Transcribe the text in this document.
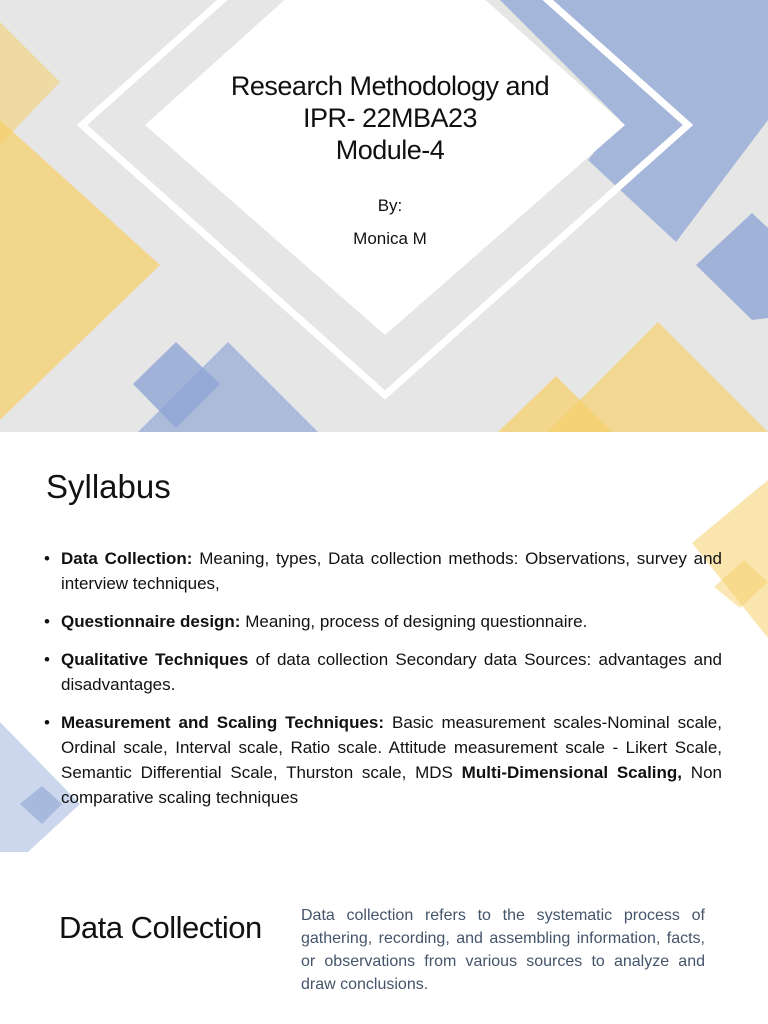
Research Methodology and
IPR- 22MBA23
Module-4
By:
Monica M
Syllabus
• Data Collection: Meaning, types, Data collection methods: Observations, survey and interview techniques,
• Questionnaire design: Meaning, process of designing questionnaire.
• Qualitative Techniques of data collection Secondary data Sources: advantages and disadvantages.
• Measurement and Scaling Techniques: Basic measurement scales-Nominal scale, Ordinal scale, Interval scale, Ratio scale. Attitude measurement scale - Likert Scale, Semantic Differential Scale, Thurston scale, MDS Multi-Dimensional Scaling, Non comparative scaling techniques
Data Collection Data collection refers to the systematic process of gathering, recording, and assembling information, facts, or observations from various sources to analyze and draw conclusions.
